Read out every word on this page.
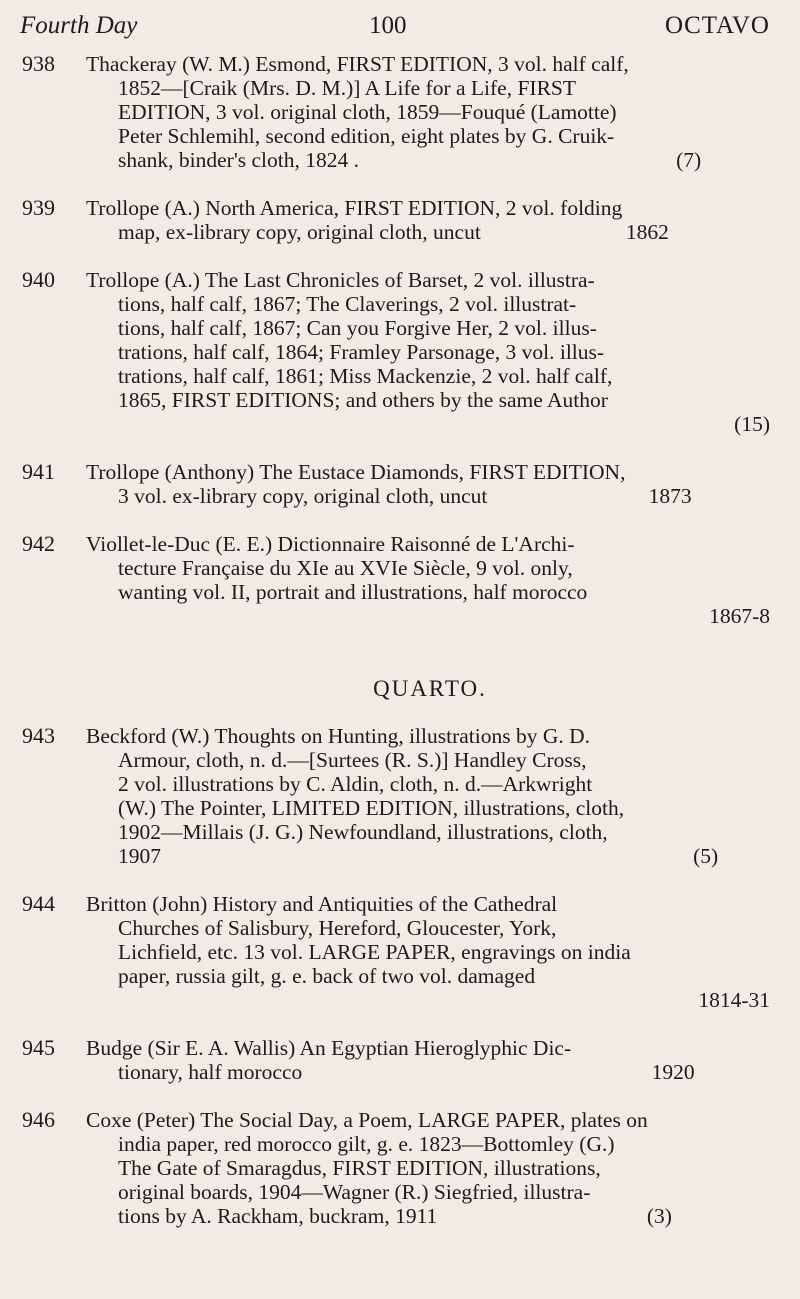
Fourth Day	100	OCTAVO
938 Thackeray (W. M.) Esmond, FIRST EDITION, 3 vol. half calf,
1852—[Craik (Mrs. D. M.)] A Life for a Life, FIRST
EDITION, 3 vol. original cloth, 1859—Fouqué (Lamotte)
Peter Schlemihl, second edition, eight plates by G. Cruik-
shank, binder's cloth, 1824 .                                                           (7)
939 Trollope (A.) North America, FIRST EDITION, 2 vol. folding
map, ex-library copy, original cloth, uncut                           1862
940 Trollope (A.) The Last Chronicles of Barset, 2 vol. illustra-
tions, half calf, 1867; The Claverings, 2 vol. illustrat-
tions, half calf, 1867; Can you Forgive Her, 2 vol. illus-
trations, half calf, 1864; Framley Parsonage, 3 vol. illus-
trations, half calf, 1861; Miss Mackenzie, 2 vol. half calf,
1865, FIRST EDITIONS; and others by the same Author
(15)
941 Trollope (Anthony) The Eustace Diamonds, FIRST EDITION,
3 vol. ex-library copy, original cloth, uncut                              1873
942 Viollet-le-Duc (E. E.) Dictionnaire Raisonné de L'Archi-
tecture Française du XIe au XVIe Siècle, 9 vol. only,
wanting vol. II, portrait and illustrations, half morocco
1867-8
QUARTO.
943 Beckford (W.) Thoughts on Hunting, illustrations by G. D.
Armour, cloth, n. d.—[Surtees (R. S.)] Handley Cross,
2 vol. illustrations by C. Aldin, cloth, n. d.—Arkwright
(W.) The Pointer, LIMITED EDITION, illustrations, cloth,
1902—Millais (J. G.) Newfoundland, illustrations, cloth,
1907                                                                                                   (5)
944 Britton (John) History and Antiquities of the Cathedral
Churches of Salisbury, Hereford, Gloucester, York,
Lichfield, etc. 13 vol. LARGE PAPER, engravings on india
paper, russia gilt, g. e. back of two vol. damaged
1814-31
945 Budge (Sir E. A. Wallis) An Egyptian Hieroglyphic Dic-
tionary, half morocco                                                                 1920
946 Coxe (Peter) The Social Day, a Poem, LARGE PAPER, plates on
india paper, red morocco gilt, g. e. 1823—Bottomley (G.)
The Gate of Smaragdus, FIRST EDITION, illustrations,
original boards, 1904—Wagner (R.) Siegfried, illustra-
tions by A. Rackham, buckram, 1911                                       (3)
